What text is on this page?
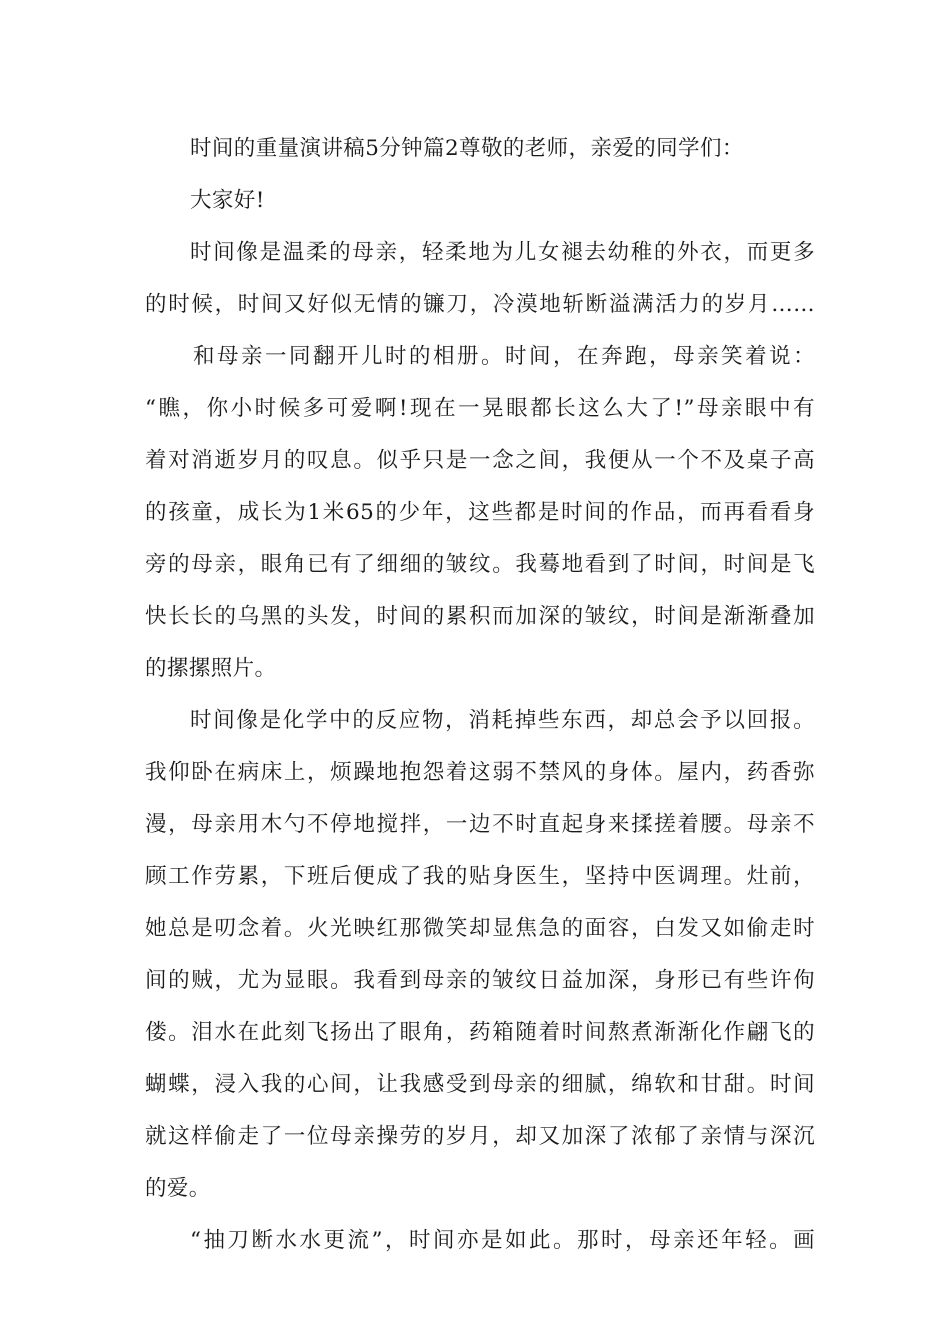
时间的重量演讲稿5分钟篇2尊敬的老师，亲爱的同学们：
大家好!
时间像是温柔的母亲，轻柔地为儿女褪去幼稚的外衣，而更多
的时候，时间又好似无情的镰刀，冷漠地斩断溢满活力的岁月……
和母亲一同翻开儿时的相册。时间，在奔跑，母亲笑着说：
“瞧，你小时候多可爱啊!现在一晃眼都长这么大了!”母亲眼中有
着对消逝岁月的叹息。似乎只是一念之间，我便从一个不及桌子高
的孩童，成长为1米65的少年，这些都是时间的作品，而再看看身
旁的母亲，眼角已有了细细的皱纹。我蓦地看到了时间，时间是飞
快长长的乌黑的头发，时间的累积而加深的皱纹，时间是渐渐叠加
的摞摞照片。
时间像是化学中的反应物，消耗掉些东西，却总会予以回报。
我仰卧在病床上，烦躁地抱怨着这弱不禁风的身体。屋内，药香弥
漫，母亲用木勺不停地搅拌，一边不时直起身来揉搓着腰。母亲不
顾工作劳累，下班后便成了我的贴身医生，坚持中医调理。灶前，
她总是叨念着。火光映红那微笑却显焦急的面容，白发又如偷走时
间的贼，尤为显眼。我看到母亲的皱纹日益加深，身形已有些许佝
偻。泪水在此刻飞扬出了眼角，药箱随着时间熬煮渐渐化作翩飞的
蝴蝶，浸入我的心间，让我感受到母亲的细腻，绵软和甘甜。时间
就这样偷走了一位母亲操劳的岁月，却又加深了浓郁了亲情与深沉
的爱。
“抽刀断水水更流”，时间亦是如此。那时，母亲还年轻。画
